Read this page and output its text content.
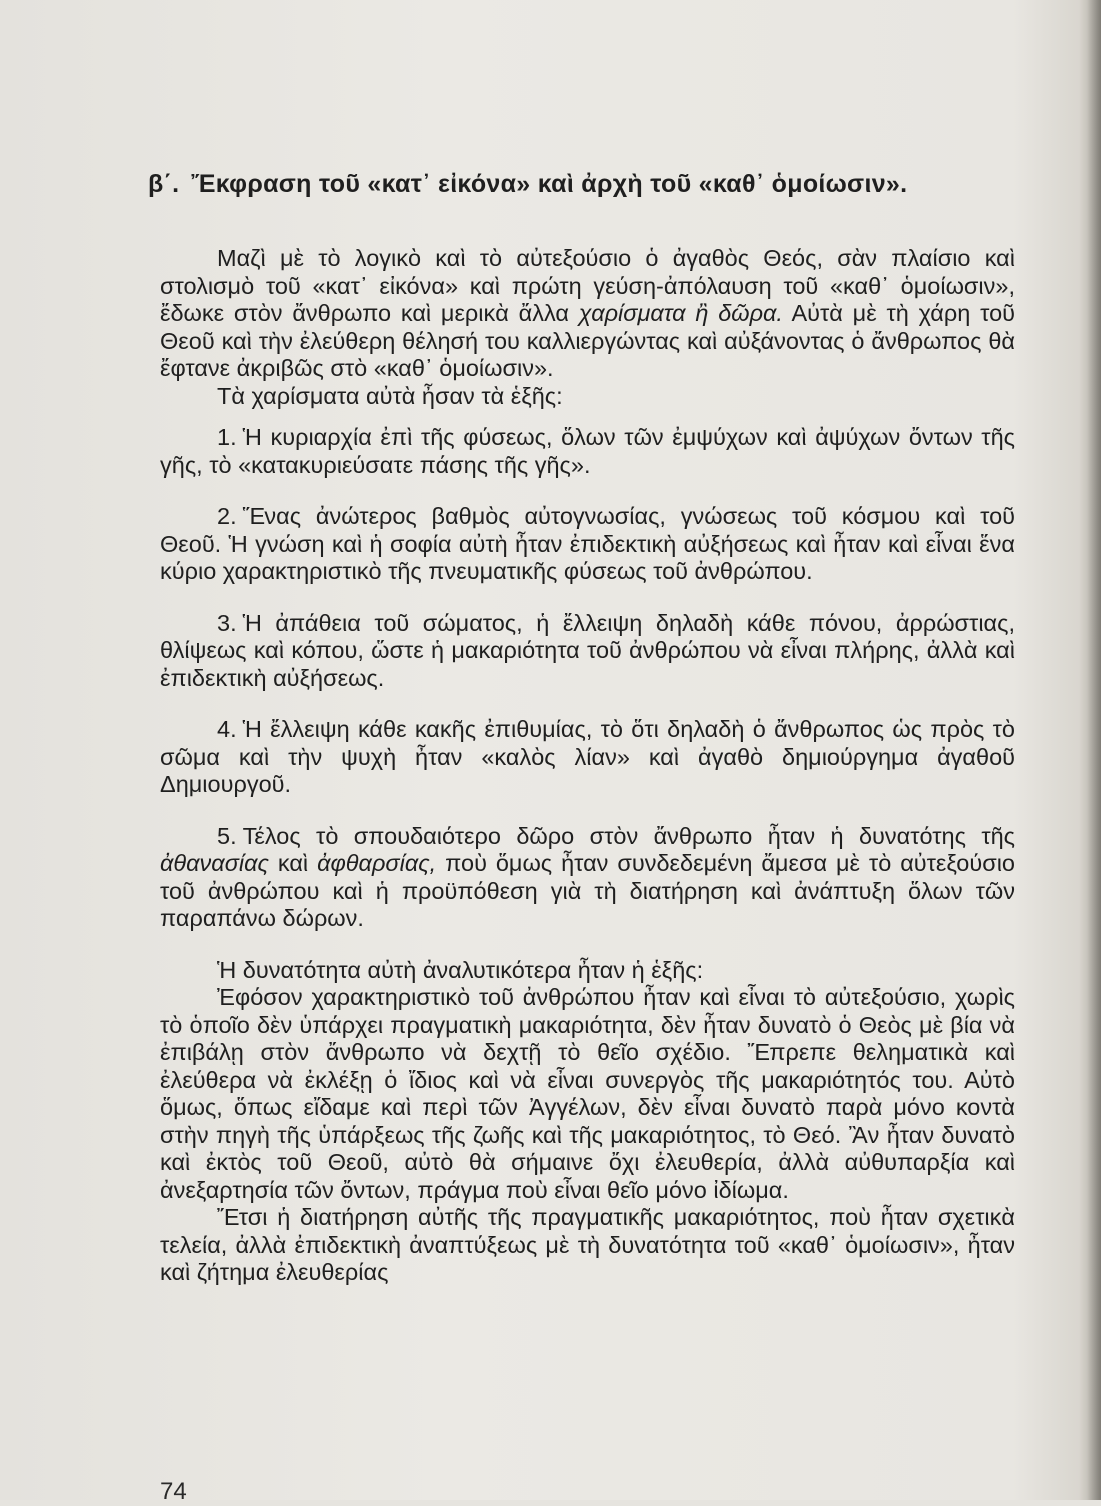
β΄. Ἔκφραση τοῦ «κατ᾿ εἰκόνα» καὶ ἀρχὴ τοῦ «καθ᾿ ὁμοίωσιν».

Μαζὶ μὲ τὸ λογικὸ καὶ τὸ αὐτεξούσιο ὁ ἀγαθὸς Θεός, σὰν πλαίσιο καὶ στολισμὸ τοῦ «κατ᾿ εἰκόνα» καὶ πρώτη γεύση-ἀπόλαυση τοῦ «καθ᾿ ὁμοίωσιν», ἔδωκε στὸν ἄνθρωπο καὶ μερικὰ ἄλλα χαρίσματα ἢ δῶρα. Αὐτὰ μὲ τὴ χάρη τοῦ Θεοῦ καὶ τὴν ἐλεύθερη θέλησή του καλλιεργώντας καὶ αὐξάνοντας ὁ ἄνθρωπος θὰ ἔφτανε ἀκριβῶς στὸ «καθ᾿ ὁμοίωσιν».

Τὰ χαρίσματα αὐτὰ ἦσαν τὰ ἑξῆς:

1. Ἡ κυριαρχία ἐπὶ τῆς φύσεως, ὅλων τῶν ἐμψύχων καὶ ἀψύχων ὄντων τῆς γῆς, τὸ «κατακυριεύσατε πάσης τῆς γῆς».

2. Ἕνας ἀνώτερος βαθμὸς αὐτογνωσίας, γνώσεως τοῦ κόσμου καὶ τοῦ Θεοῦ. Ἡ γνώση καὶ ἡ σοφία αὐτὴ ἦταν ἐπιδεκτικὴ αὐξήσεως καὶ ἦταν καὶ εἶναι ἕνα κύριο χαρακτηριστικὸ τῆς πνευματικῆς φύσεως τοῦ ἀνθρώπου.

3. Ἡ ἀπάθεια τοῦ σώματος, ἡ ἔλλειψη δηλαδὴ κάθε πόνου, ἀρρώστιας, θλίψεως καὶ κόπου, ὥστε ἡ μακαριότητα τοῦ ἀνθρώπου νὰ εἶναι πλήρης, ἀλλὰ καὶ ἐπιδεκτικὴ αὐξήσεως.

4. Ἡ ἔλλειψη κάθε κακῆς ἐπιθυμίας, τὸ ὅτι δηλαδὴ ὁ ἄνθρωπος ὡς πρὸς τὸ σῶμα καὶ τὴν ψυχὴ ἦταν «καλὸς λίαν» καὶ ἀγαθὸ δημιούργημα ἀγαθοῦ Δημιουργοῦ.

5. Τέλος τὸ σπουδαιότερο δῶρο στὸν ἄνθρωπο ἦταν ἡ δυνατότης τῆς ἀθανασίας καὶ ἀφθαρσίας, ποὺ ὅμως ἦταν συνδεδεμένη ἄμεσα μὲ τὸ αὐτεξούσιο τοῦ ἀνθρώπου καὶ ἡ προϋπόθεση γιὰ τὴ διατήρηση καὶ ἀνάπτυξη ὅλων τῶν παραπάνω δώρων.

Ἡ δυνατότητα αὐτὴ ἀναλυτικότερα ἦταν ἡ ἑξῆς:

Ἐφόσον χαρακτηριστικὸ τοῦ ἀνθρώπου ἦταν καὶ εἶναι τὸ αὐτεξούσιο, χωρὶς τὸ ὁποῖο δὲν ὑπάρχει πραγματικὴ μακαριότητα, δὲν ἦταν δυνατὸ ὁ Θεὸς μὲ βία νὰ ἐπιβάλῃ στὸν ἄνθρωπο νὰ δεχτῇ τὸ θεῖο σχέδιο. Ἔπρεπε θεληματικὰ καὶ ἐλεύθερα νὰ ἐκλέξῃ ὁ ἴδιος καὶ νὰ εἶναι συνεργὸς τῆς μακαριότητός του. Αὐτὸ ὅμως, ὅπως εἴδαμε καὶ περὶ τῶν Ἀγγέλων, δὲν εἶναι δυνατὸ παρὰ μόνο κοντὰ στὴν πηγὴ τῆς ὑπάρξεως τῆς ζωῆς καὶ τῆς μακαριότητος, τὸ Θεό. Ἂν ἦταν δυνατὸ καὶ ἐκτὸς τοῦ Θεοῦ, αὐτὸ θὰ σήμαινε ὄχι ἐλευθερία, ἀλλὰ αὐθυπαρξία καὶ ἀνεξαρτησία τῶν ὄντων, πράγμα ποὺ εἶναι θεῖο μόνο ἰδίωμα.

Ἔτσι ἡ διατήρηση αὐτῆς τῆς πραγματικῆς μακαριότητος, ποὺ ἦταν σχετικὰ τελεία, ἀλλὰ ἐπιδεκτικὴ ἀναπτύξεως μὲ τὴ δυνατότητα τοῦ «καθ᾿ ὁμοίωσιν», ἦταν καὶ ζήτημα ἐλευθερίας

74
